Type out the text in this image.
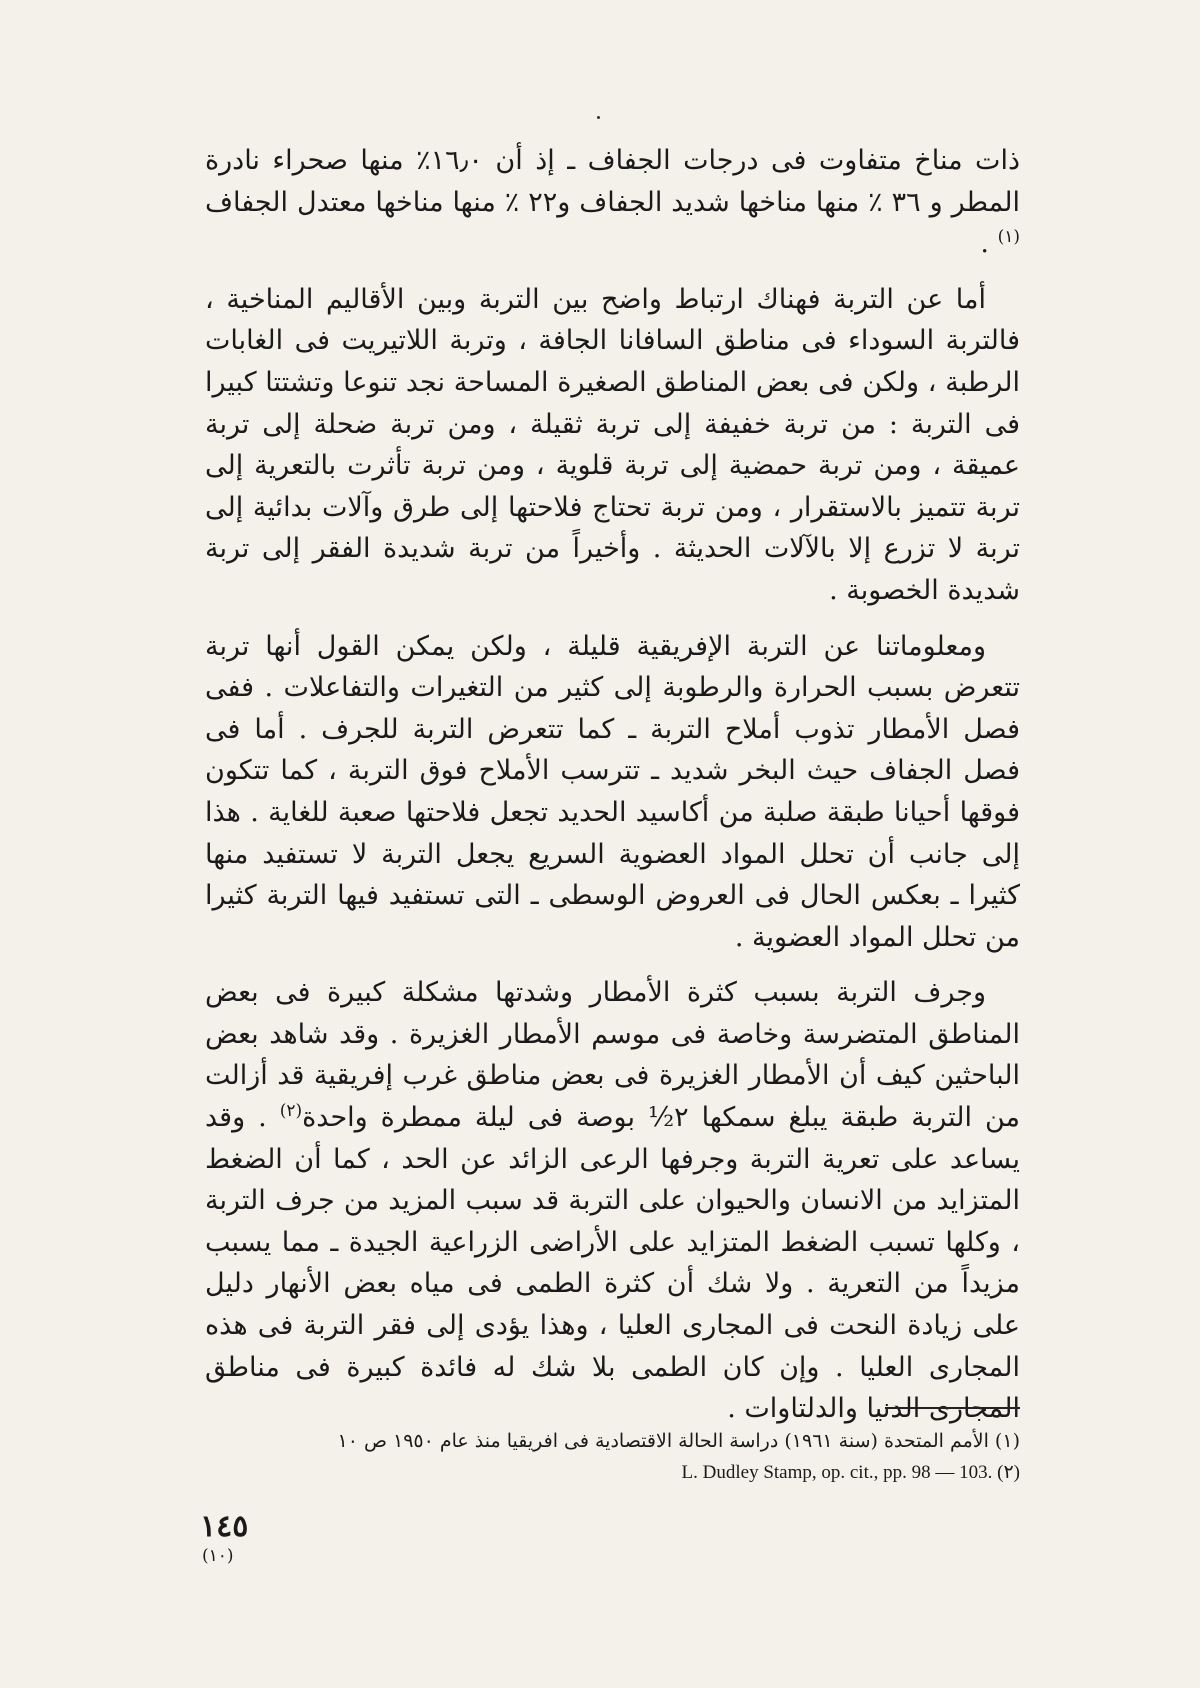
ذات مناخ متفاوت فى درجات الجفاف ـ إذ أن ١٦٫٠٪ منها صحراء نادرة المطر و ٣٦ ٪ منها مناخها شديد الجفاف و٢٢ ٪ منها مناخها معتدل الجفاف $^{(١)}$ .

أما عن التربة فهناك ارتباط واضح بين التربة وبين الأقاليم المناخية ، فالتربة السوداء فى مناطق السافانا الجافة ، وتربة اللاتيريت فى الغابات الرطبة ، ولكن فى بعض المناطق الصغيرة المساحة نجد تنوعا وتشتتا كبيرا فى التربة : من تربة خفيفة إلى تربة ثقيلة ، ومن تربة ضحلة إلى تربة عميقة ، ومن تربة حمضية إلى تربة قلوية ، ومن تربة تأثرت بالتعرية إلى تربة تتميز بالاستقرار ، ومن تربة تحتاج فلاحتها إلى طرق وآلات بدائية إلى تربة لا تزرع إلا بالآلات الحديثة . وأخيراً من تربة شديدة الفقر إلى تربة شديدة الخصوبة .

ومعلوماتنا عن التربة الإفريقية قليلة ، ولكن يمكن القول أنها تربة تتعرض بسبب الحرارة والرطوبة إلى كثير من التغيرات والتفاعلات . ففى فصل الأمطار تذوب أملاح التربة ـ كما تتعرض التربة للجرف . أما فى فصل الجفاف حيث البخر شديد ـ تترسب الأملاح فوق التربة ، كما تتكون فوقها أحيانا طبقة صلبة من أكاسيد الحديد تجعل فلاحتها صعبة للغاية . هذا إلى جانب أن تحلل المواد العضوية السريع يجعل التربة لا تستفيد منها كثيرا ـ بعكس الحال فى العروض الوسطى ـ التى تستفيد فيها التربة كثيرا من تحلل المواد العضوية .

وجرف التربة بسبب كثرة الأمطار وشدتها مشكلة كبيرة فى بعض المناطق المتضرسة وخاصة فى موسم الأمطار الغزيرة . وقد شاهد بعض الباحثين كيف أن الأمطار الغزيرة فى بعض مناطق غرب إفريقية قد أزالت من التربة طبقة يبلغ سمكها ٢½ بوصة فى ليلة ممطرة واحدة$^{(٢)}$ . وقد يساعد على تعرية التربة وجرفها الرعى الزائد عن الحد ، كما أن الضغط المتزايد من الانسان والحيوان على التربة قد سبب المزيد من جرف التربة ، وكلها تسبب الضغط المتزايد على الأراضى الزراعية الجيدة ـ مما يسبب مزيداً من التعرية . ولا شك أن كثرة الطمى فى مياه بعض الأنهار دليل على زيادة النحت فى المجارى العليا ، وهذا يؤدى إلى فقر التربة فى هذه المجارى العليا . وإن كان الطمى بلا شك له فائدة كبيرة فى مناطق المجارى الدنيا والدلتاوات .

(١) الأمم المتحدة (سنة ١٩٦١) دراسة الحالة الاقتصادية فى افريقيا منذ عام ١٩٥٠ ص ١٠
L. Dudley Stamp, op. cit., pp. 98 — 103. (٢)
١٤٥
(١٠)
